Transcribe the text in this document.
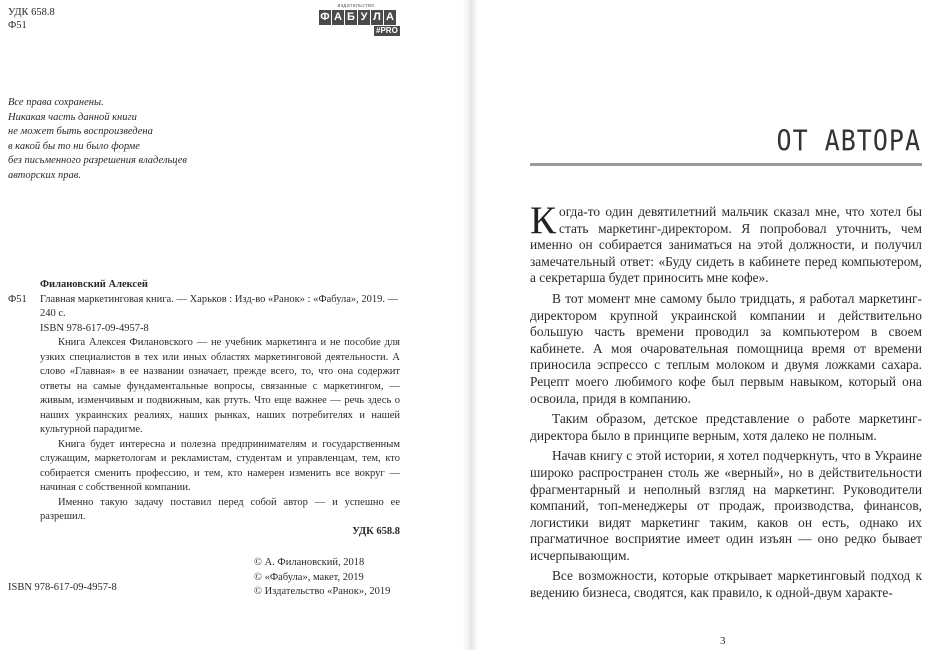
УДК 658.8
Ф51

издательство
Ф А Б У Л А
#PRO

Все права сохранены.
Никакая часть данной книги
не может быть воспроизведена
в какой бы то ни было форме
без письменного разрешения владельцев
авторских прав.

Филановский Алексей

Ф51	Главная маркетинговая книга. — Харьков : Изд-во «Ранок» : «Фабула», 2019. — 240 с.

ISBN 978-617-09-4957-8

Книга Алексея Филановского — не учебник маркетинга и не пособие для узких специалистов в тех или иных областях маркетинговой деятельности. А слово «Главная» в ее названии означает, прежде всего, то, что она содержит ответы на самые фундаментальные вопросы, связанные с маркетингом, — живым, изменчивым и подвижным, как ртуть. Что еще важнее — речь здесь о наших украинских реалиях, наших рынках, наших потребителях и нашей культурной парадигме.

Книга будет интересна и полезна предпринимателям и государственным служащим, маркетологам и рекламистам, студентам и управленцам, тем, кто собирается сменить профессию, и тем, кто намерен изменить все вокруг — начиная с собственной компании.

Именно такую задачу поставил перед собой автор — и успешно ее разрешил.

УДК 658.8

© А. Филановский, 2018
© «Фабула», макет, 2019
© Издательство «Ранок», 2019

ISBN 978-617-09-4957-8

ОТ АВТОРА

Когда-то один девятилетний мальчик сказал мне, что хотел бы стать маркетинг-директором. Я попробовал уточнить, чем именно он собирается заниматься на этой должности, и получил замечательный ответ: «Буду сидеть в кабинете перед компьютером, а секретарша будет приносить мне кофе».

В тот момент мне самому было тридцать, я работал маркетинг-директором крупной украинской компании и действительно большую часть времени проводил за компьютером в своем кабинете. А моя очаровательная помощница время от времени приносила эспрессо с теплым молоком и двумя ложками сахара. Рецепт моего любимого кофе был первым навыком, который она освоила, придя в компанию.

Таким образом, детское представление о работе маркетинг-директора было в принципе верным, хотя далеко не полным.

Начав книгу с этой истории, я хотел подчеркнуть, что в Украине широко распространен столь же «верный», но в действительности фрагментарный и неполный взгляд на маркетинг. Руководители компаний, топ-менеджеры от продаж, производства, финансов, логистики видят маркетинг таким, каков он есть, однако их прагматичное восприятие имеет один изъян — оно редко бывает исчерпывающим.

Все возможности, которые открывает маркетинговый подход к ведению бизнеса, сводятся, как правило, к одной-двум характе-

3
